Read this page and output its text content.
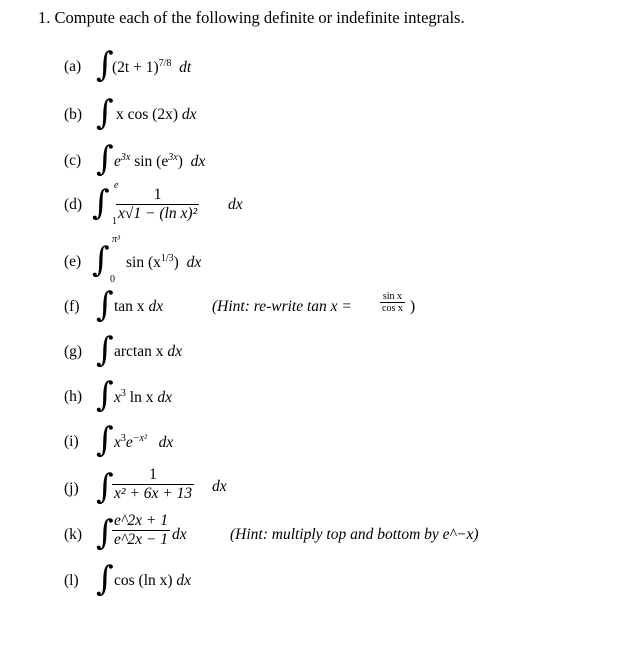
1. Compute each of the following definite or indefinite integrals.
(a) ∫
$(2t + 1)^{7/8}$ dt
(b) ∫ x cos (2x) dx
(c) ∫ $e^{3x}$ $\sin (e^{3x})$ dx
(d) ∫ e
$1 \frac{1}{\text{x√1 − (ln x)²}}$ dx
(e) ∫
π³
0
$\sin (x^{1/3})$ dx
(f) ∫ tan x dx	(Hint: re-write tan x =	$\frac{\text{sin x}}{\text{cos x}}$ )
(g) ∫ arctan x dx
(h) ∫ $x^3$ ln x dx
(i) ∫ $x^3e^{-x^2}$ dx
(j) ∫
$\frac{1}{\text{x² + 6x + 13}}$ dx
(k) ∫
$\frac{e\^{}2x + 1}{e\^{}2x - 1}$ dx	(Hint: multiply top and bottom by e^−x)
(l) ∫ cos (ln x) dx
